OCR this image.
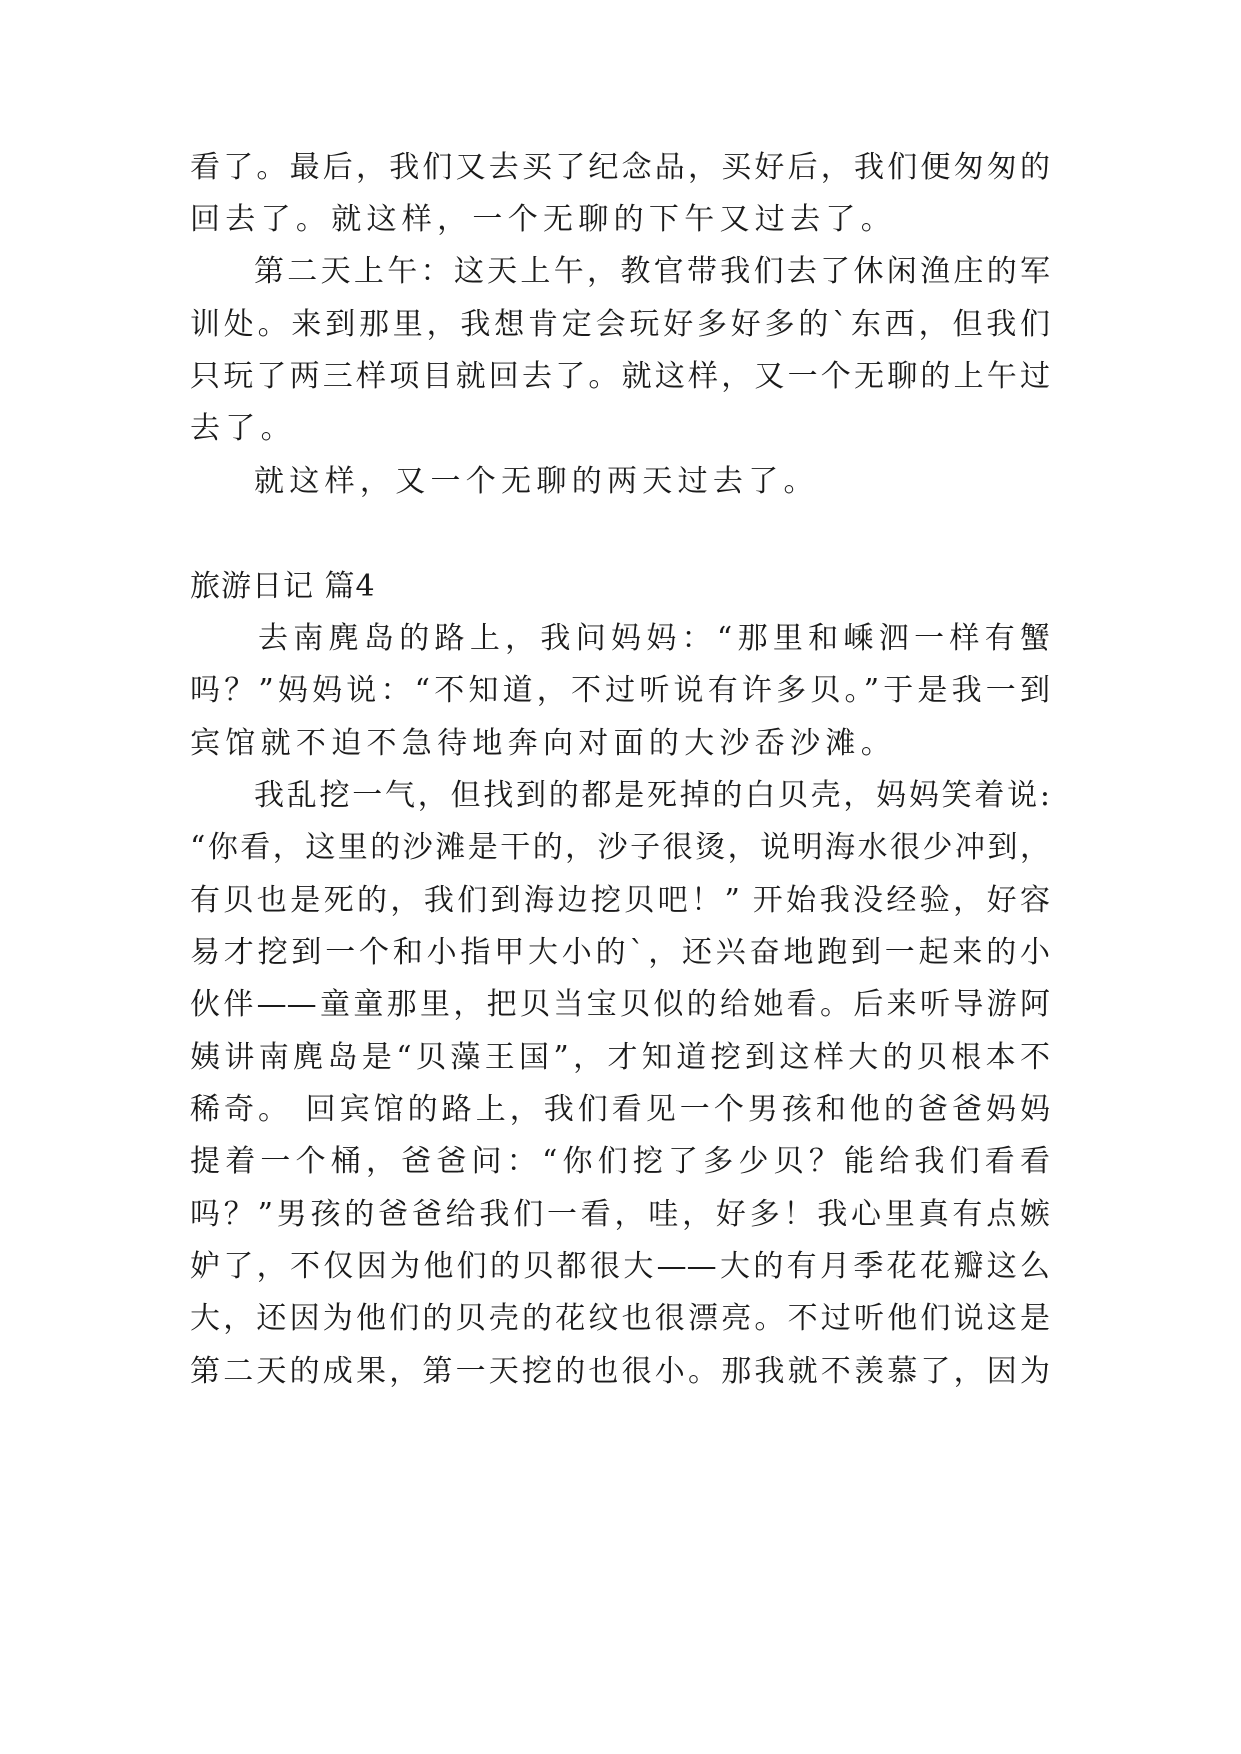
看了。最后，我们又去买了纪念品，买好后，我们便匆匆的
回去了。就这样，一个无聊的下午又过去了。
第二天上午：这天上午，教官带我们去了休闲渔庄的军
训处。来到那里，我想肯定会玩好多好多的`东西，但我们
只玩了两三样项目就回去了。就这样，又一个无聊的上午过
去了。
就这样，又一个无聊的两天过去了。
旅游日记 篇4
去南麂岛的路上，我问妈妈：“那里和嵊泗一样有蟹
吗？”妈妈说：“不知道，不过听说有许多贝。”于是我一到
宾馆就不迫不急待地奔向对面的大沙岙沙滩。
我乱挖一气，但找到的都是死掉的白贝壳，妈妈笑着说:
“你看，这里的沙滩是干的，沙子很烫，说明海水很少冲到，
有贝也是死的，我们到海边挖贝吧！” 开始我没经验，好容
易才挖到一个和小指甲大小的`，还兴奋地跑到一起来的小
伙伴——童童那里，把贝当宝贝似的给她看。后来听导游阿
姨讲南麂岛是“贝藻王国”，才知道挖到这样大的贝根本不
稀奇。 回宾馆的路上，我们看见一个男孩和他的爸爸妈妈
提着一个桶，爸爸问：“你们挖了多少贝？能给我们看看
吗？”男孩的爸爸给我们一看，哇，好多！我心里真有点嫉
妒了，不仅因为他们的贝都很大——大的有月季花花瓣这么
大，还因为他们的贝壳的花纹也很漂亮。不过听他们说这是
第二天的成果，第一天挖的也很小。那我就不羡慕了，因为
